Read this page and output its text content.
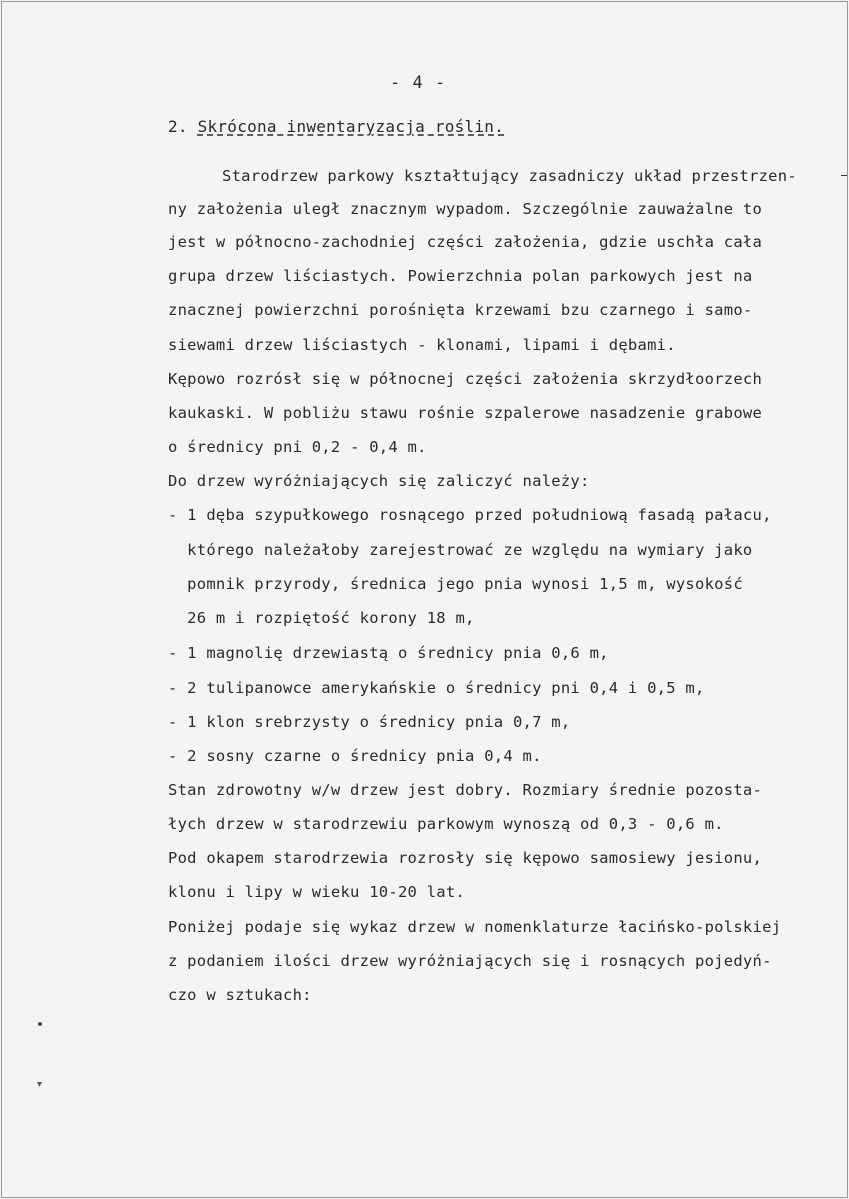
- 4 -
2. Skrócona inwentaryzacja roślin.
Starodrzew parkowy kształtujący zasadniczy układ przestrzen-
ny założenia uległ znacznym wypadom. Szczególnie zauważalne to
jest w północno-zachodniej części założenia, gdzie uschła cała
grupa drzew liściastych. Powierzchnia polan parkowych jest na
znacznej powierzchni porośnięta krzewami bzu czarnego i samo-
siewami drzew liściastych - klonami, lipami i dębami.
Kępowo rozrósł się w północnej części założenia skrzydłoorzech
kaukaski. W pobliżu stawu rośnie szpalerowe nasadzenie grabowe
o średnicy pni 0,2 - 0,4 m.
Do drzew wyróżniających się zaliczyć należy:
- 1 dęba szypułkowego rosnącego przed południową fasadą pałacu,
którego należałoby zarejestrować ze względu na wymiary jako
pomnik przyrody, średnica jego pnia wynosi 1,5 m, wysokość
26 m i rozpiętość korony 18 m,
- 1 magnolię drzewiastą o średnicy pnia 0,6 m,
- 2 tulipanowce amerykańskie o średnicy pni 0,4 i 0,5 m,
- 1 klon srebrzysty o średnicy pnia 0,7 m,
- 2 sosny czarne o średnicy pnia 0,4 m.
Stan zdrowotny w/w drzew jest dobry. Rozmiary średnie pozosta-
łych drzew w starodrzewiu parkowym wynoszą od 0,3 - 0,6 m.
Pod okapem starodrzewia rozrosły się kępowo samosiewy jesionu,
klonu i lipy w wieku 10-20 lat.
Poniżej podaje się wykaz drzew w nomenklaturze łacińsko-polskiej
z podaniem ilości drzew wyróżniających się i rosnących pojedyń-
czo w sztukach:
